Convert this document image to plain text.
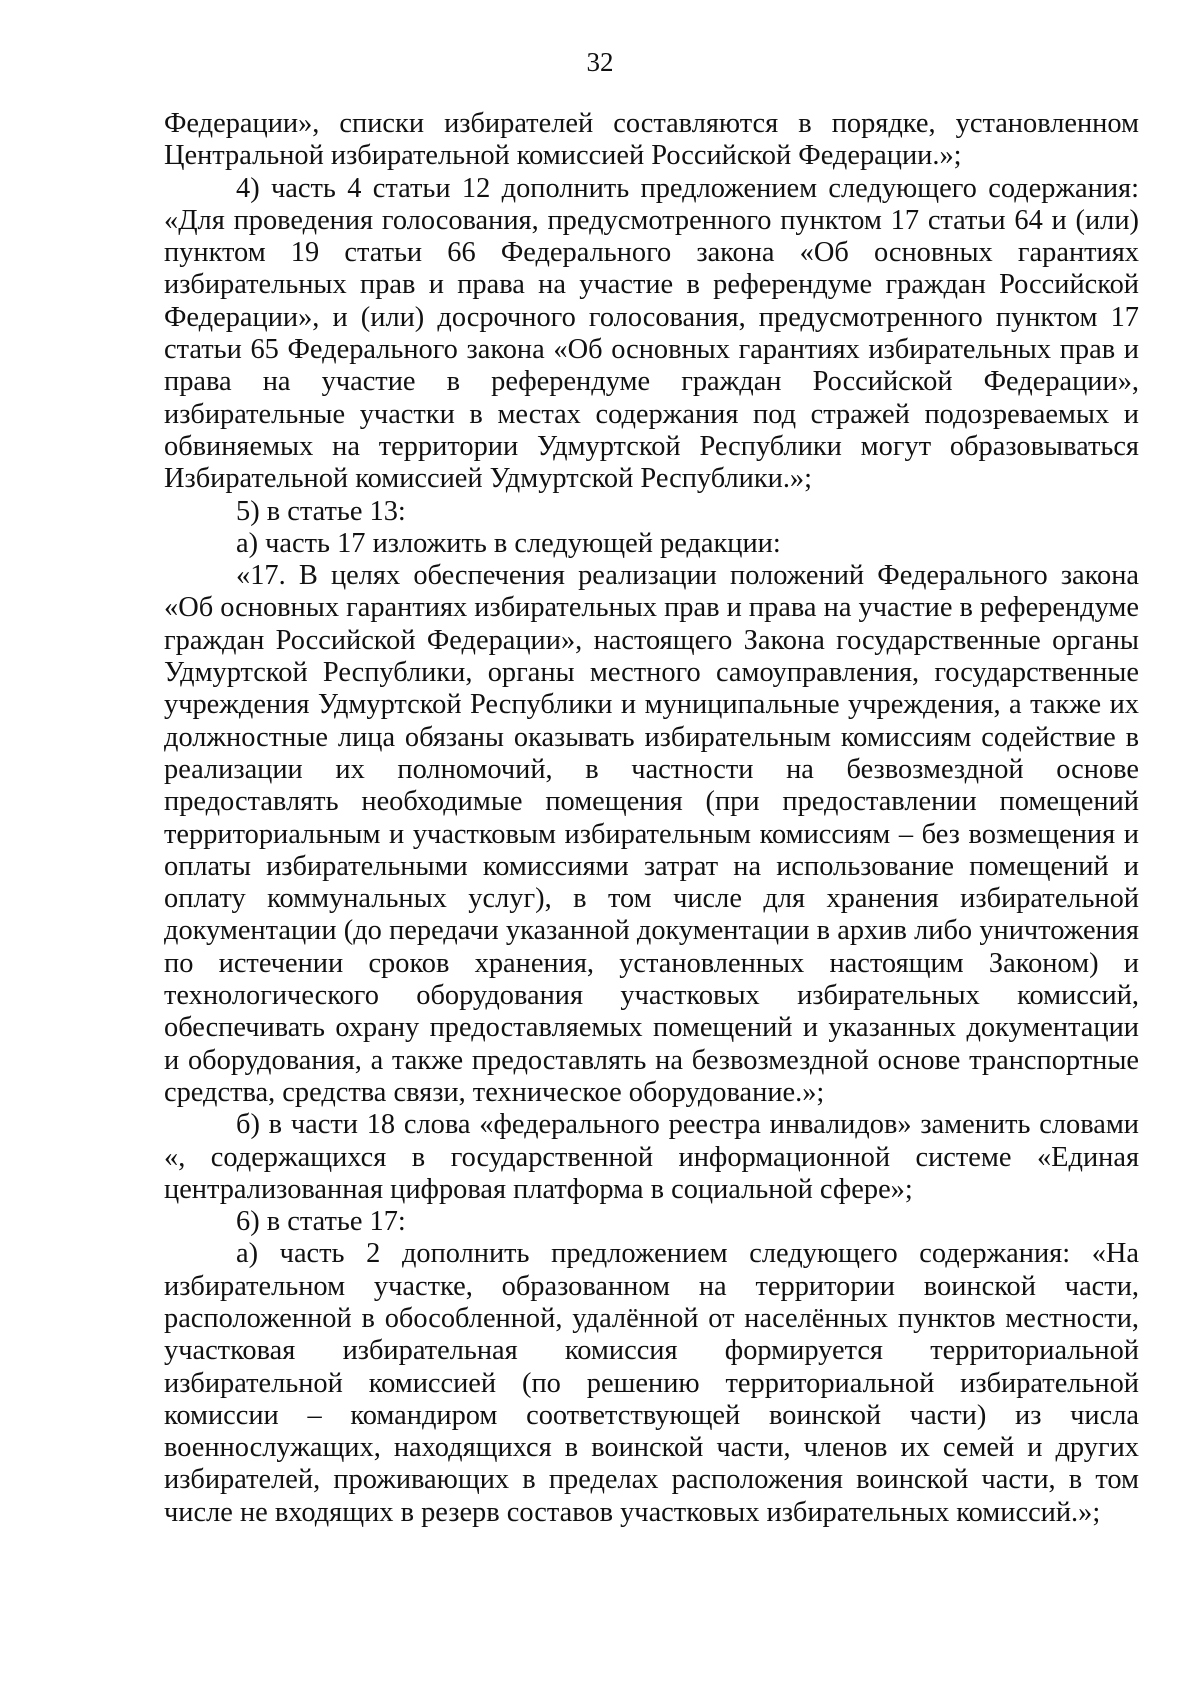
32

Федерации», списки избирателей составляются в порядке, установленном Центральной избирательной комиссией Российской Федерации.»;

4) часть 4 статьи 12 дополнить предложением следующего содержания: «Для проведения голосования, предусмотренного пунктом 17 статьи 64 и (или) пунктом 19 статьи 66 Федерального закона «Об основных гарантиях избирательных прав и права на участие в референдуме граждан Российской Федерации», и (или) досрочного голосования, предусмотренного пунктом 17 статьи 65 Федерального закона «Об основных гарантиях избирательных прав и права на участие в референдуме граждан Российской Федерации», избирательные участки в местах содержания под стражей подозреваемых и обвиняемых на территории Удмуртской Республики могут образовываться Избирательной комиссией Удмуртской Республики.»;

5) в статье 13:

а) часть 17 изложить в следующей редакции:

«17. В целях обеспечения реализации положений Федерального закона «Об основных гарантиях избирательных прав и права на участие в референдуме граждан Российской Федерации», настоящего Закона государственные органы Удмуртской Республики, органы местного самоуправления, государственные учреждения Удмуртской Республики и муниципальные учреждения, а также их должностные лица обязаны оказывать избирательным комиссиям содействие в реализации их полномочий, в частности на безвозмездной основе предоставлять необходимые помещения (при предоставлении помещений территориальным и участковым избирательным комиссиям – без возмещения и оплаты избирательными комиссиями затрат на использование помещений и оплату коммунальных услуг), в том числе для хранения избирательной документации (до передачи указанной документации в архив либо уничтожения по истечении сроков хранения, установленных настоящим Законом) и технологического оборудования участковых избирательных комиссий, обеспечивать охрану предоставляемых помещений и указанных документации и оборудования, а также предоставлять на безвозмездной основе транспортные средства, средства связи, техническое оборудование.»;

б) в части 18 слова «федерального реестра инвалидов» заменить словами «, содержащихся в государственной информационной системе «Единая централизованная цифровая платформа в социальной сфере»;

6) в статье 17:

а) часть 2 дополнить предложением следующего содержания: «На избирательном участке, образованном на территории воинской части, расположенной в обособленной, удалённой от населённых пунктов местности, участковая избирательная комиссия формируется территориальной избирательной комиссией (по решению территориальной избирательной комиссии – командиром соответствующей воинской части) из числа военнослужащих, находящихся в воинской части, членов их семей и других избирателей, проживающих в пределах расположения воинской части, в том числе не входящих в резерв составов участковых избирательных комиссий.»;
